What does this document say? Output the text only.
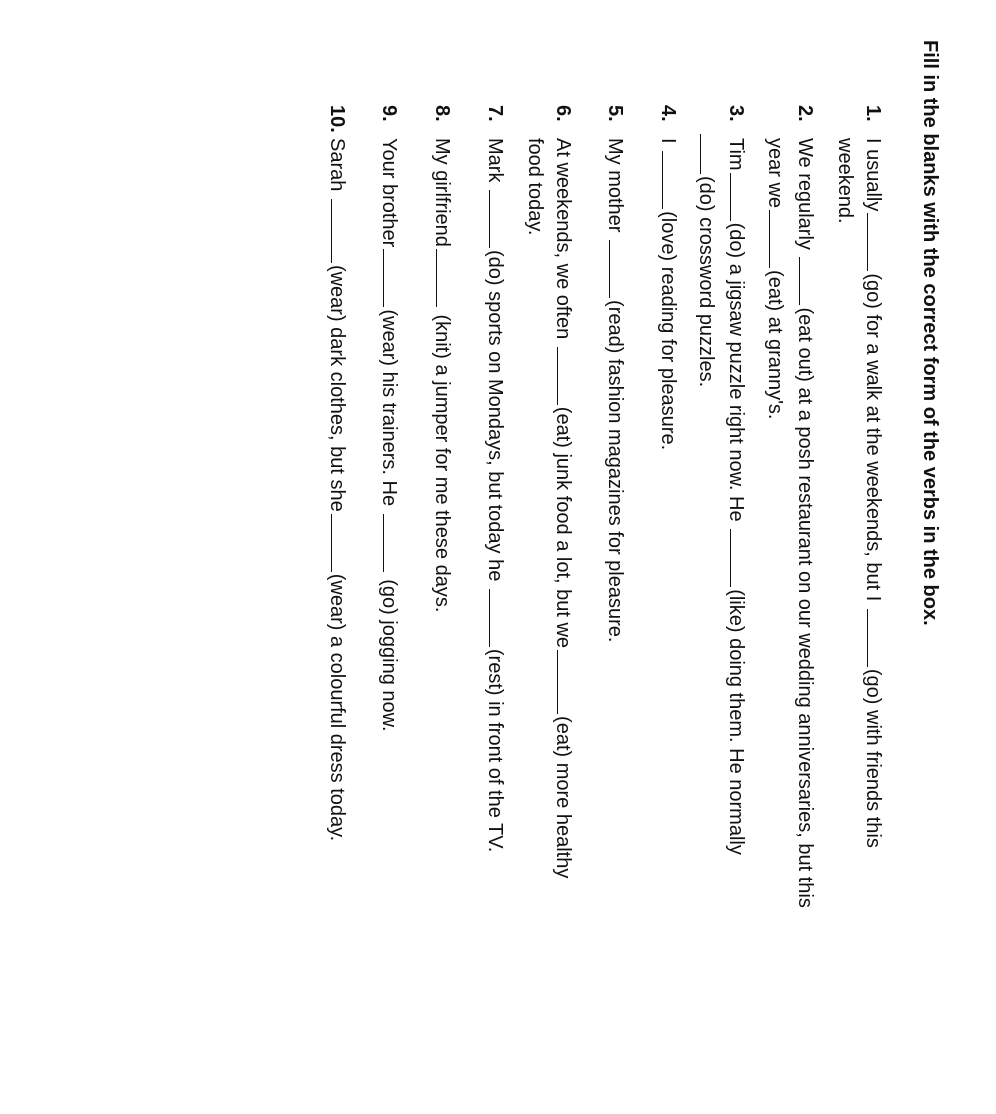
Fill in the blanks with the correct form of the verbs in the box.
1.I usually(go) for a walk at the weekends, but I (go) with friends this
weekend.
2.We regularly (eat out) at a posh restaurant on our wedding anniversaries, but this
year we(eat) at granny's.
3.Tim(do) a jigsaw puzzle right now. He (like) doing them. He normally
(do) crossword puzzles.
4.I (love) reading for pleasure.
5.My mother (read) fashion magazines for pleasure.
6.At weekends, we often (eat) junk food a lot, but we(eat) more healthy
food today.
7.Mark (do) sports on Mondays, but today he (rest) in front of the TV.
8.My girlfriend (knit) a jumper for me these days.
9.Your brother(wear) his trainers. He  (go) jogging now.
10.Sarah (wear) dark clothes, but she(wear) a colourful dress today.
